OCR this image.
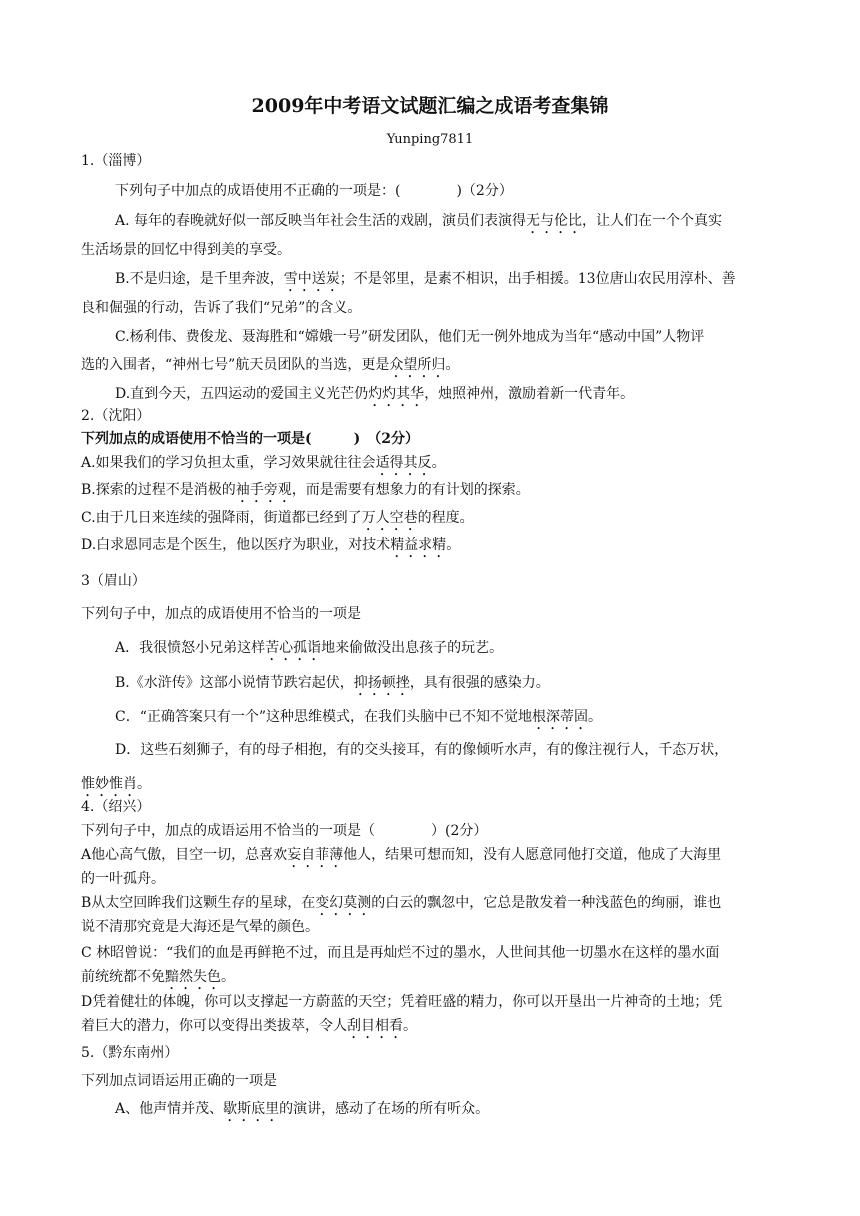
2009年中考语文试题汇编之成语考查集锦
Yunping7811
1.（淄博）
下列句子中加点的成语使用不正确的一项是：(　　　　)（2分）
A. 每年的春晚就好似一部反映当年社会生活的戏剧，演员们表演得无与伦比，让人们在一个个真实
生活场景的回忆中得到美的享受。
B.不是归途，是千里奔波，雪中送炭；不是邻里，是素不相识，出手相援。13位唐山农民用淳朴、善
良和倔强的行动，告诉了我们“兄弟”的含义。
C.杨利伟、费俊龙、聂海胜和“嫦娥一号”研发团队，他们无一例外地成为当年“感动中国”人物评
选的入围者，“神州七号”航天员团队的当选，更是众望所归。
D.直到今天，五四运动的爱国主义光芒仍灼灼其华，烛照神州，激励着新一代青年。
2.（沈阳）
下列加点的成语使用不恰当的一项是(　　　)　（2分）
A.如果我们的学习负担太重，学习效果就往往会适得其反。
B.探索的过程不是消极的袖手旁观，而是需要有想象力的有计划的探索。
C.由于几日来连续的强降雨，街道都已经到了万人空巷的程度。
D.白求恩同志是个医生，他以医疗为职业，对技术精益求精。
3（眉山）
下列句子中，加点的成语使用不恰当的一项是
A．我很愤怒小兄弟这样苦心孤诣地来偷做没出息孩子的玩艺。
B.《水浒传》这部小说情节跌宕起伏，抑扬顿挫，具有很强的感染力。
C．“正确答案只有一个”这种思维模式，在我们头脑中已不知不觉地根深蒂固。
D．这些石刻狮子，有的母子相抱，有的交头接耳，有的像倾听水声，有的像注视行人，千态万状，
惟妙惟肖。
4.（绍兴）
下列句子中，加点的成语运用不恰当的一项是（　　　　）(2分）
A他心高气傲，目空一切，总喜欢妄自菲薄他人，结果可想而知，没有人愿意同他打交道，他成了大海里
的一叶孤舟。
B从太空回眸我们这颗生存的星球，在变幻莫测的白云的飘忽中，它总是散发着一种浅蓝色的绚丽，谁也
说不清那究竟是大海还是气晕的颜色。
C 林昭曾说：“我们的血是再鲜艳不过，而且是再灿烂不过的墨水，人世间其他一切墨水在这样的墨水面
前统统都不免黯然失色。
D凭着健壮的体魄，你可以支撑起一方蔚蓝的天空；凭着旺盛的精力，你可以开垦出一片神奇的土地；凭
着巨大的潜力，你可以变得出类拔萃，令人刮目相看。
5.（黔东南州）
下列加点词语运用正确的一项是
A、他声情并茂、歇斯底里的演讲，感动了在场的所有听众。
